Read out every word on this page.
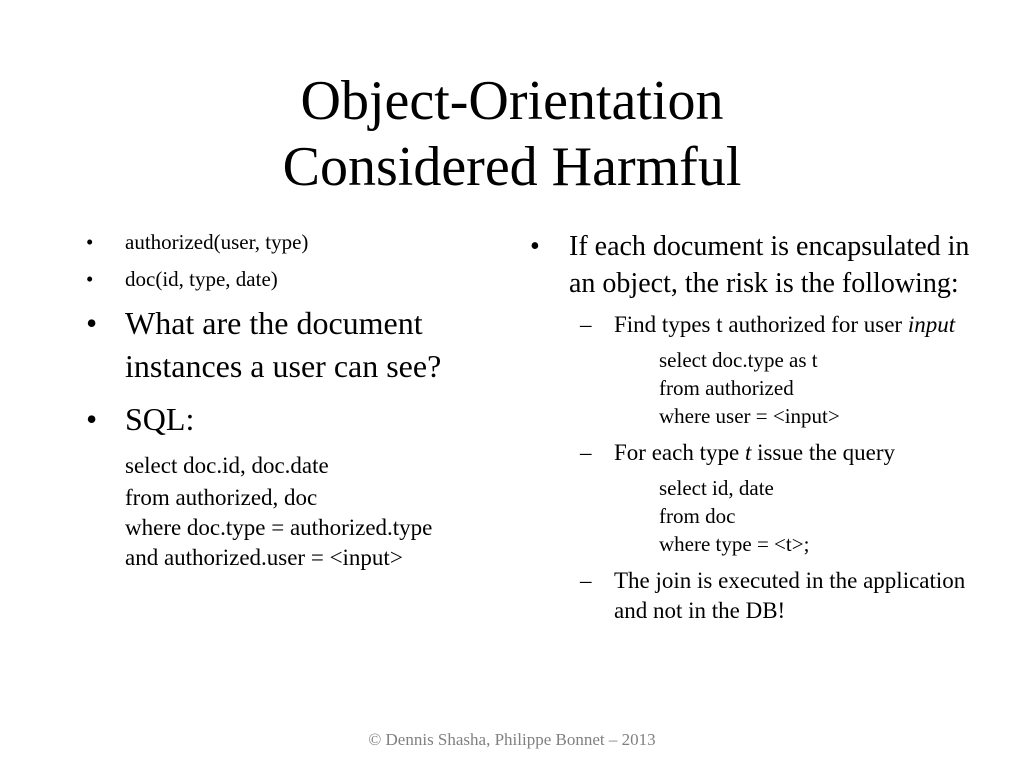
Object-Orientation
Considered Harmful
• authorized(user, type)
• doc(id, type, date)
• What are the document instances a user can see?
• SQL:
select doc.id, doc.date
from authorized, doc
where doc.type = authorized.type
and authorized.user = <input>
• If each document is encapsulated in an object, the risk is the following:
– Find types t authorized for user input
select doc.type as t
from authorized
where user = <input>
– For each type t issue the query
select id, date
from doc
where type = <t>;
– The join is executed in the application and not in the DB!
© Dennis Shasha, Philippe Bonnet – 2013
